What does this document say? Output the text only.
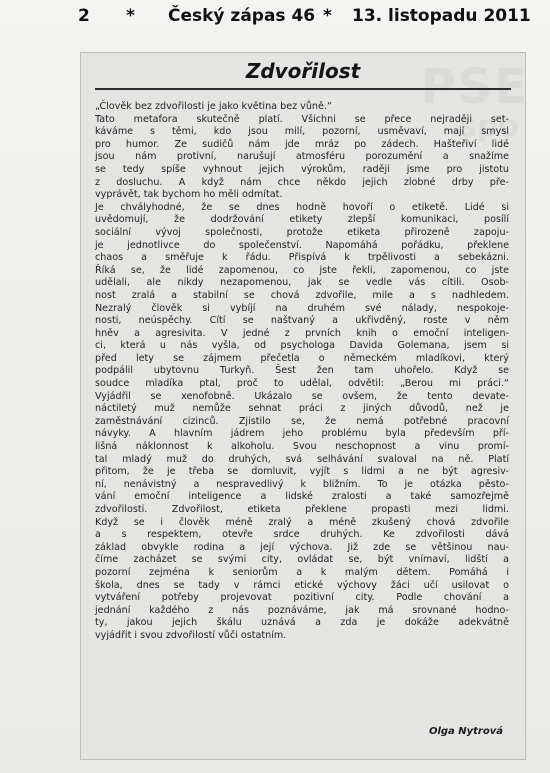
2 * Český zápas 46 * 13. listopadu 2011
Zdvořilost
„Člověk bez zdvořilosti je jako květina bez vůně.“
Tato metafora skutečně platí. Všichni se přece nejraději set-
káváme s těmi, kdo jsou milí, pozorní, usměvaví, mají smysl
pro humor. Ze sudičů nám jde mráz po zádech. Hašteřiví lidé
jsou nám protivní, narušují atmosféru porozumění a snažíme
se tedy spíše vyhnout jejich výrokům, raději jsme pro jistotu
z dosluchu. A když nám chce někdo jejich zlobné drby pře-
vyprávět, tak bychom ho měli odmítat.
Je chvályhodné, že se dnes hodně hovoří o etiketě. Lidé si
uvědomují, že dodržování etikety zlepší komunikaci, posílí
sociální vývoj společnosti, protože etiketa přirozeně zapoju-
je jednotlivce do společenství. Napomáhá pořádku, překlene
chaos a směřuje k řádu. Přispívá k trpělivosti a sebekázni.
Říká se, že lidé zapomenou, co jste řekli, zapomenou, co jste
udělali, ale nikdy nezapomenou, jak se vedle vás cítili. Osob-
nost zralá a stabilní se chová zdvořile, mile a s nadhledem.
Nezralý člověk si vybíjí na druhém své nálady, nespokoje-
nosti, neúspěchy. Cítí se naštvaný a ukřivděný, roste v něm
hněv a agresivita. V jedné z prvních knih o emoční inteligen-
ci, která u nás vyšla, od psychologa Davida Golemana, jsem si
před lety se zájmem přečetla o německém mladíkovi, který
podpálil ubytovnu Turkyň. Šest žen tam uhořelo. Když se
soudce mladíka ptal, proč to udělal, odvětil: „Berou mi práci.“
Vyjádřil se xenofobně. Ukázalo se ovšem, že tento devate-
náctiletý muž nemůže sehnat práci z jiných důvodů, než je
zaměstnávání cizinců. Zjistilo se, že nemá potřebné pracovní
návyky. A hlavním jádrem jeho problému byla především pří-
lišná náklonnost k alkoholu. Svou neschopnost a vinu promí-
tal mladý muž do druhých, svá selhávání svaloval na ně. Platí
přitom, že je třeba se domluvit, vyjít s lidmi a ne být agresiv-
ní, nenávistný a nespravedlivý k bližním. To je otázka pěsto-
vání emoční inteligence a lidské zralosti a také samozřejmě
zdvořilosti. Zdvořilost, etiketa překlene propasti mezi lidmi.
Když se i člověk méně zralý a méně zkušený chová zdvořile
a s respektem, otevře srdce druhých. Ke zdvořilosti dává
základ obvykle rodina a její výchova. Již zde se většinou nau-
číme zacházet se svými city, ovládat se, být vnímaví, lidští a
pozorní zejména k seniorům a k malým dětem. Pomáhá i
škola, dnes se tady v rámci etické výchovy žáci učí usilovat o
vytváření potřeby projevovat pozitivní city. Podle chování a
jednání každého z nás poznáváme, jak má srovnané hodno-
ty, jakou jejich škálu uznává a zda je dokáže adekvátně
vyjádřit i svou zdvořilostí vůči ostatním.
Olga Nytrová
